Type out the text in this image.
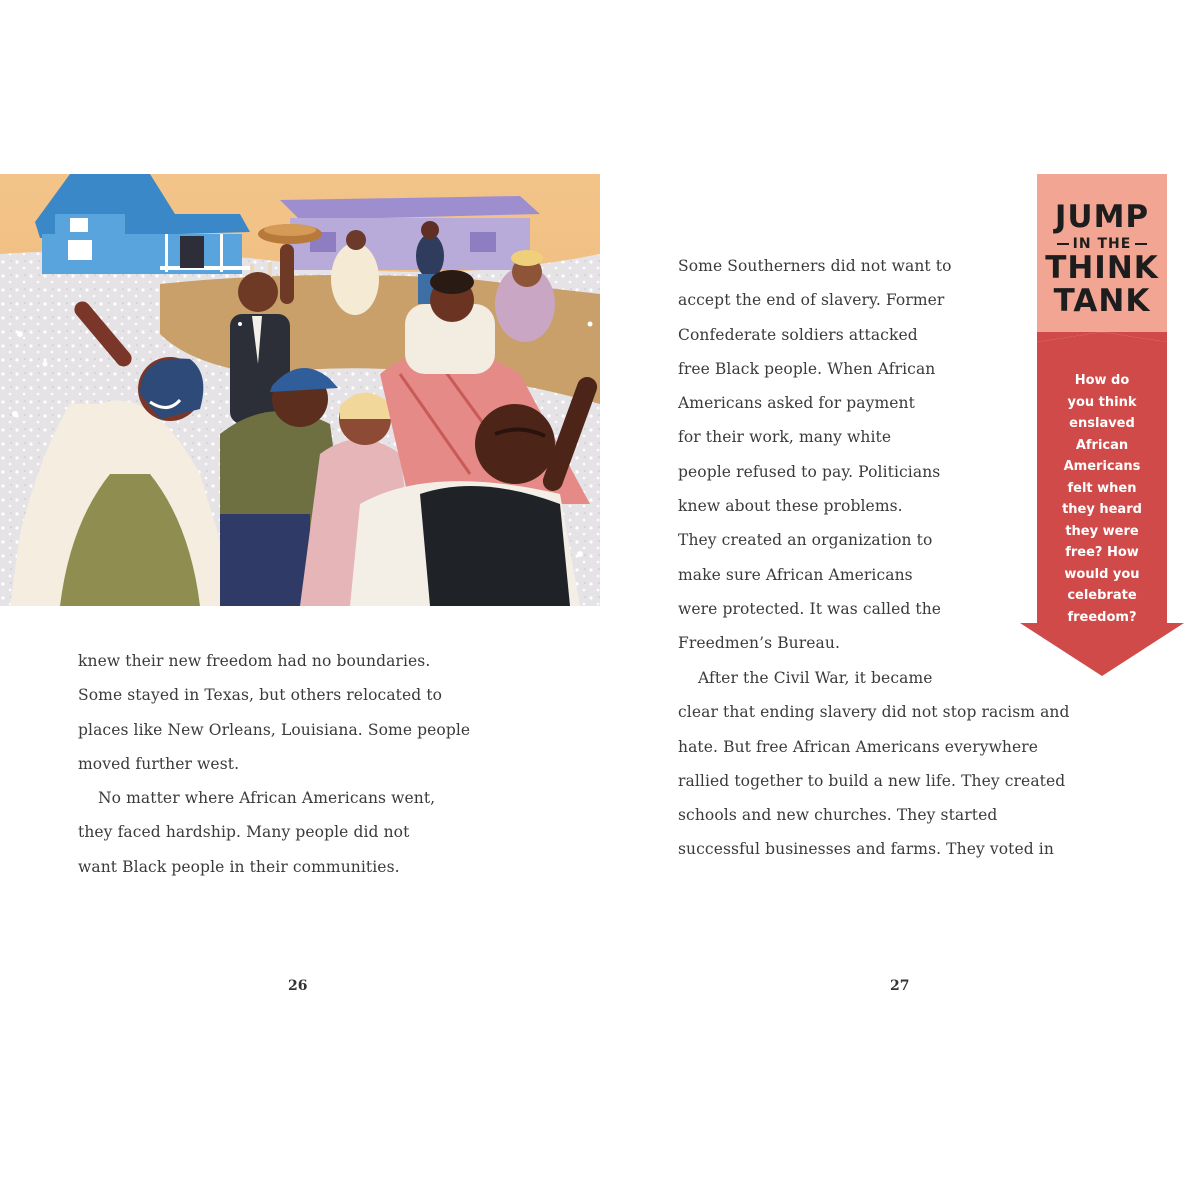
knew their new freedom had no boundaries.
Some stayed in Texas, but others relocated to
places like New Orleans, Louisiana. Some people
moved further west.

No matter where African Americans went,
they faced hardship. Many people did not
want Black people in their communities.

26

Some Southerners did not want to
accept the end of slavery. Former
Confederate soldiers attacked
free Black people. When African
Americans asked for payment
for their work, many white
people refused to pay. Politicians
knew about these problems.
They created an organization to
make sure African Americans
were protected. It was called the
Freedmen’s Bureau.

After the Civil War, it became
clear that ending slavery did not stop racism and
hate. But free African Americans everywhere
rallied together to build a new life. They created
schools and new churches. They started
successful businesses and farms. They voted in

27
JUMP
IN THE
THINK
TANK
How do
you think
enslaved
African
Americans
felt when
they heard
they were
free? How
would you
celebrate
freedom?
